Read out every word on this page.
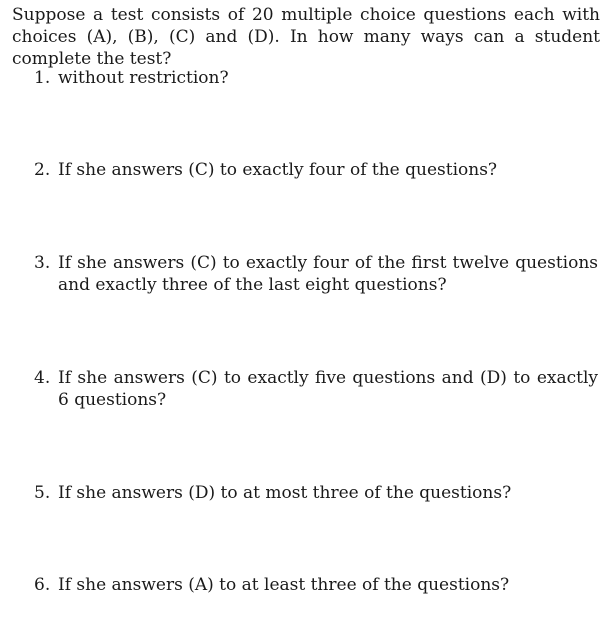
Suppose a test consists of 20 multiple choice questions each with choices (A), (B), (C) and (D). In how many ways can a student complete the test?

1. without restriction?
2. If she answers (C) to exactly four of the questions?
3. If she answers (C) to exactly four of the first twelve questions and exactly three of the last eight questions?
4. If she answers (C) to exactly five questions and (D) to exactly 6 questions?
5. If she answers (D) to at most three of the questions?
6. If she answers (A) to at least three of the questions?
